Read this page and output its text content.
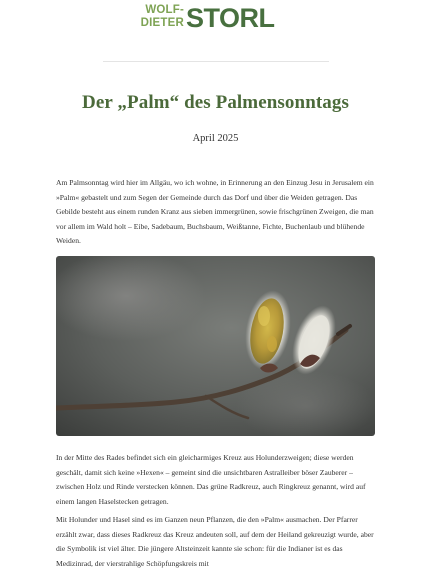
WOLF-
DIETER STORL
Der „Palm“ des Palmensonntags
April 2025

Am Palmsonntag wird hier im Allgäu, wo ich wohne, in Erinnerung an den Einzug Jesu in Jerusalem ein »Palm« gebastelt und zum Segen der Gemeinde durch das Dorf und über die Weiden getragen. Das Gebilde besteht aus einem runden Kranz aus sieben immergrünen, sowie frischgrünen Zweigen, die man vor allem im Wald holt – Eibe, Sadebaum, Buchsbaum, Weißtanne, Fichte, Buchenlaub und blühende Weiden.

In der Mitte des Rades befindet sich ein gleicharmiges Kreuz aus Holunderzweigen; diese werden geschält, damit sich keine »Hexen« – gemeint sind die unsichtbaren Astralleiber böser Zauberer – zwischen Holz und Rinde verstecken können. Das grüne Radkreuz, auch Ringkreuz genannt, wird auf einem langen Haselstecken getragen.

Mit Holunder und Hasel sind es im Ganzen neun Pflanzen, die den »Palm« ausmachen. Der Pfarrer erzählt zwar, dass dieses Radkreuz das Kreuz andeuten soll, auf dem der Heiland gekreuzigt wurde, aber die Symbolik ist viel älter. Die jüngere Altsteinzeit kannte sie schon: für die Indianer ist es das Medizinrad, der vierstrahlige Schöpfungskreis mit
